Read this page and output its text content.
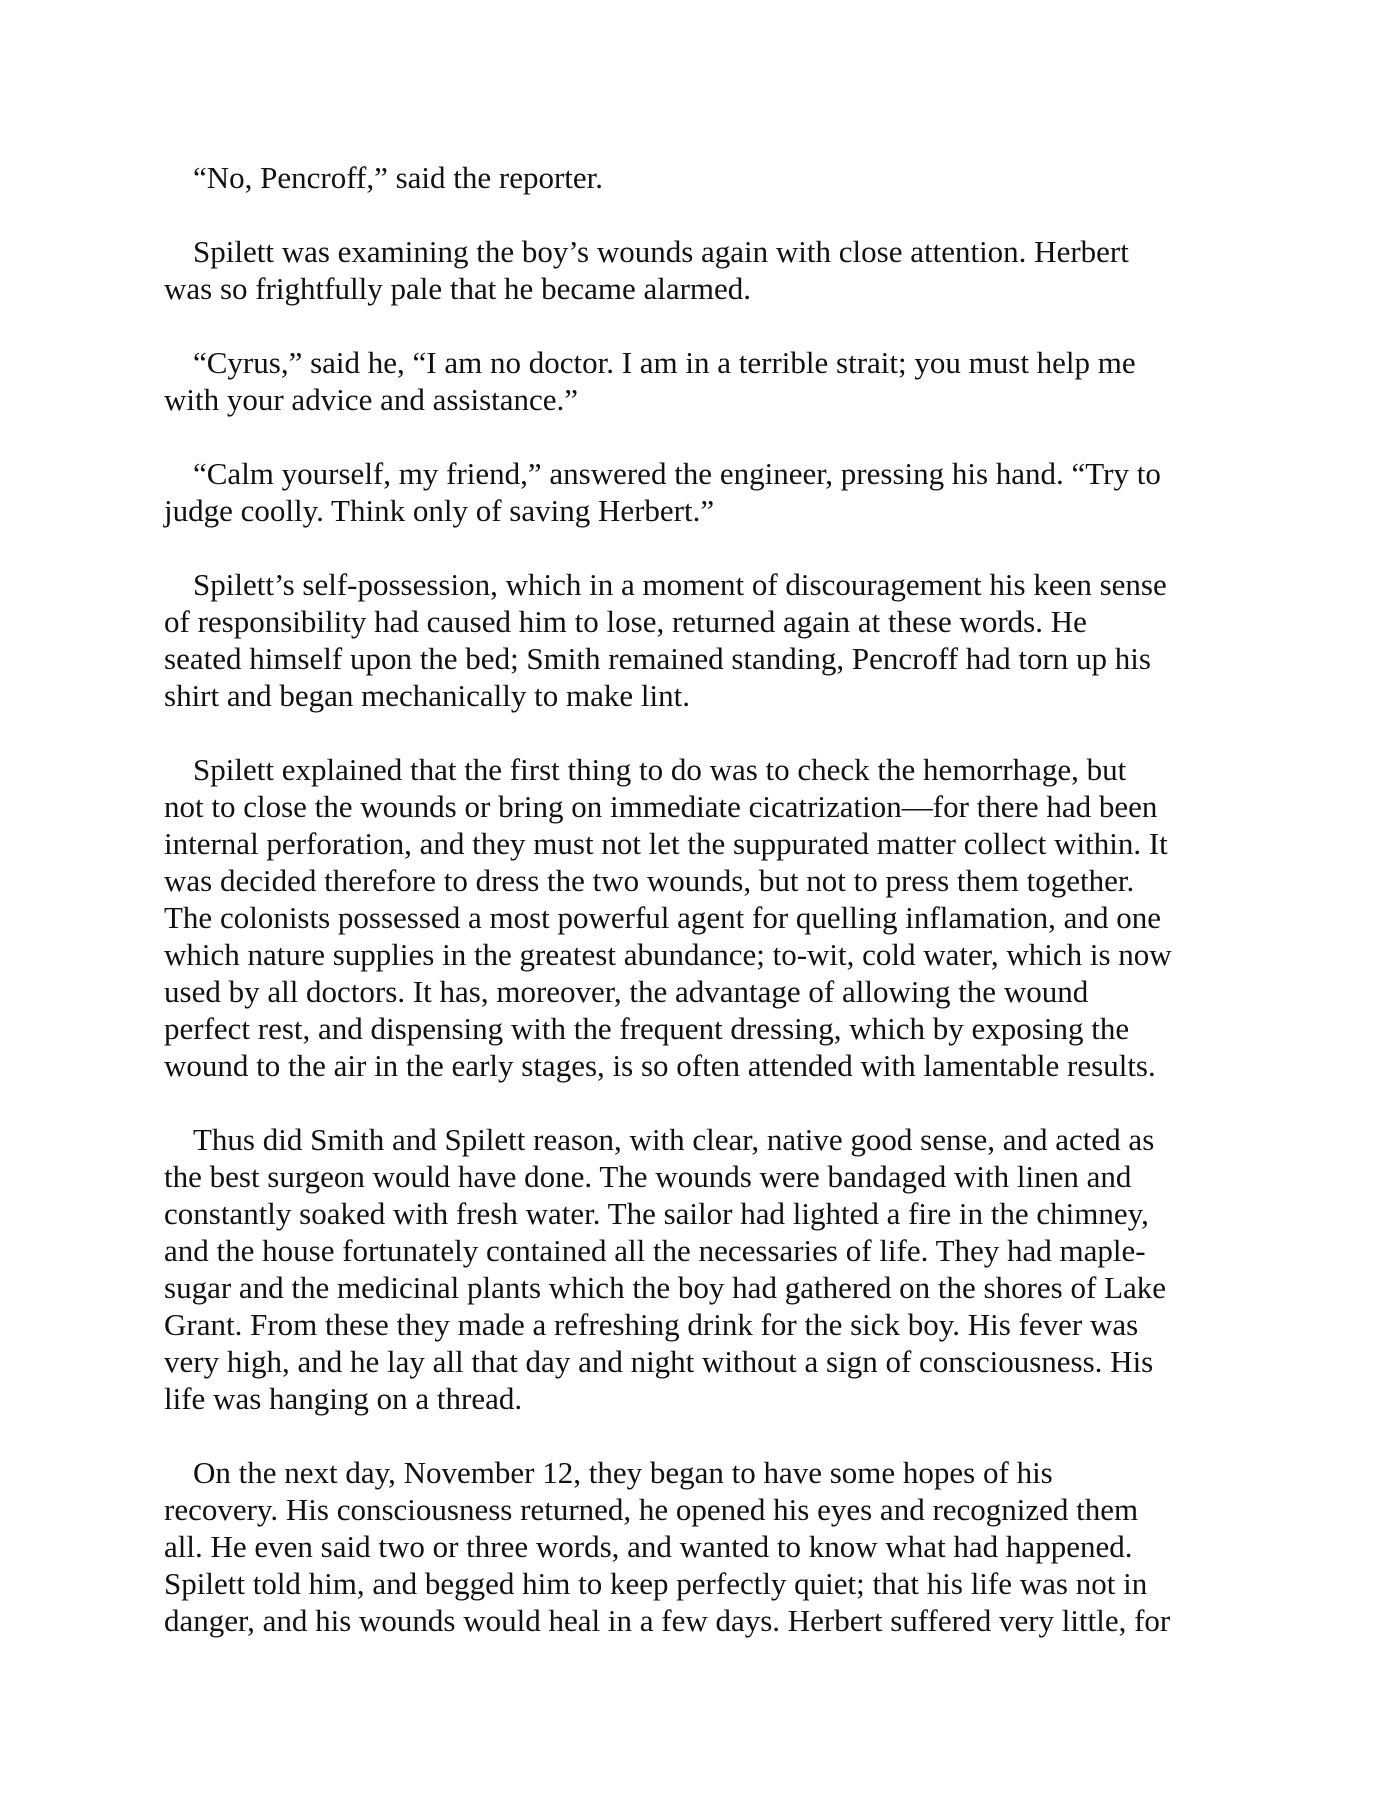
“No, Pencroff,” said the reporter.

Spilett was examining the boy’s wounds again with close attention. Herbert
was so frightfully pale that he became alarmed.

“Cyrus,” said he, “I am no doctor. I am in a terrible strait; you must help me
with your advice and assistance.”

“Calm yourself, my friend,” answered the engineer, pressing his hand. “Try to
judge coolly. Think only of saving Herbert.”

Spilett’s self-possession, which in a moment of discouragement his keen sense
of responsibility had caused him to lose, returned again at these words. He
seated himself upon the bed; Smith remained standing, Pencroff had torn up his
shirt and began mechanically to make lint.

Spilett explained that the first thing to do was to check the hemorrhage, but
not to close the wounds or bring on immediate cicatrization—for there had been
internal perforation, and they must not let the suppurated matter collect within. It
was decided therefore to dress the two wounds, but not to press them together.
The colonists possessed a most powerful agent for quelling inflamation, and one
which nature supplies in the greatest abundance; to-wit, cold water, which is now
used by all doctors. It has, moreover, the advantage of allowing the wound
perfect rest, and dispensing with the frequent dressing, which by exposing the
wound to the air in the early stages, is so often attended with lamentable results.

Thus did Smith and Spilett reason, with clear, native good sense, and acted as
the best surgeon would have done. The wounds were bandaged with linen and
constantly soaked with fresh water. The sailor had lighted a fire in the chimney,
and the house fortunately contained all the necessaries of life. They had maple-
sugar and the medicinal plants which the boy had gathered on the shores of Lake
Grant. From these they made a refreshing drink for the sick boy. His fever was
very high, and he lay all that day and night without a sign of consciousness. His
life was hanging on a thread.

On the next day, November 12, they began to have some hopes of his
recovery. His consciousness returned, he opened his eyes and recognized them
all. He even said two or three words, and wanted to know what had happened.
Spilett told him, and begged him to keep perfectly quiet; that his life was not in
danger, and his wounds would heal in a few days. Herbert suffered very little, for
